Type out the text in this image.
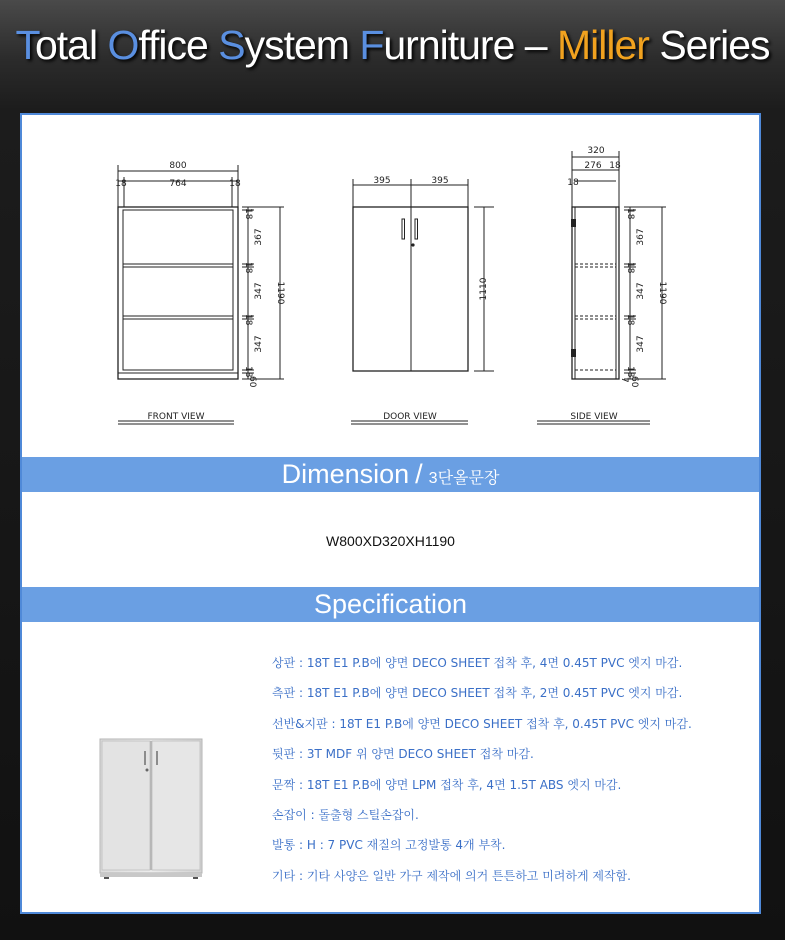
Total Office System Furniture – Miller Series
800
18	764	18
18
367
18
347
18
347
18
60
1190
FRONT VIEW
395	395
1110
DOOR VIEW
320
276 18
18
18
367
18
347
18
347
18
60
7
1190
SIDE VIEW
Dimension / 3단올문장
W800XD320XH1190
Specification
상판 : 18T E1 P.B에 양면 DECO SHEET 접착 후, 4면 0.45T PVC 엣지 마감.
측판 : 18T E1 P.B에 양면 DECO SHEET 접착 후, 2면 0.45T PVC 엣지 마감.
선반&지판 : 18T E1 P.B에 양면 DECO SHEET 접착 후, 0.45T PVC 엣지 마감.
뒷판 : 3T MDF 위 양면 DECO SHEET 접착 마감.
문짝 : 18T E1 P.B에 양면 LPM 접착 후, 4면 1.5T ABS 엣지 마감.
손잡이 : 돌출형 스틸손잡이.
발통 : H : 7 PVC 재질의 고정발통 4개 부착.
기타 : 기타 사양은 일반 가구 제작에 의거 튼튼하고 미려하게 제작함.
